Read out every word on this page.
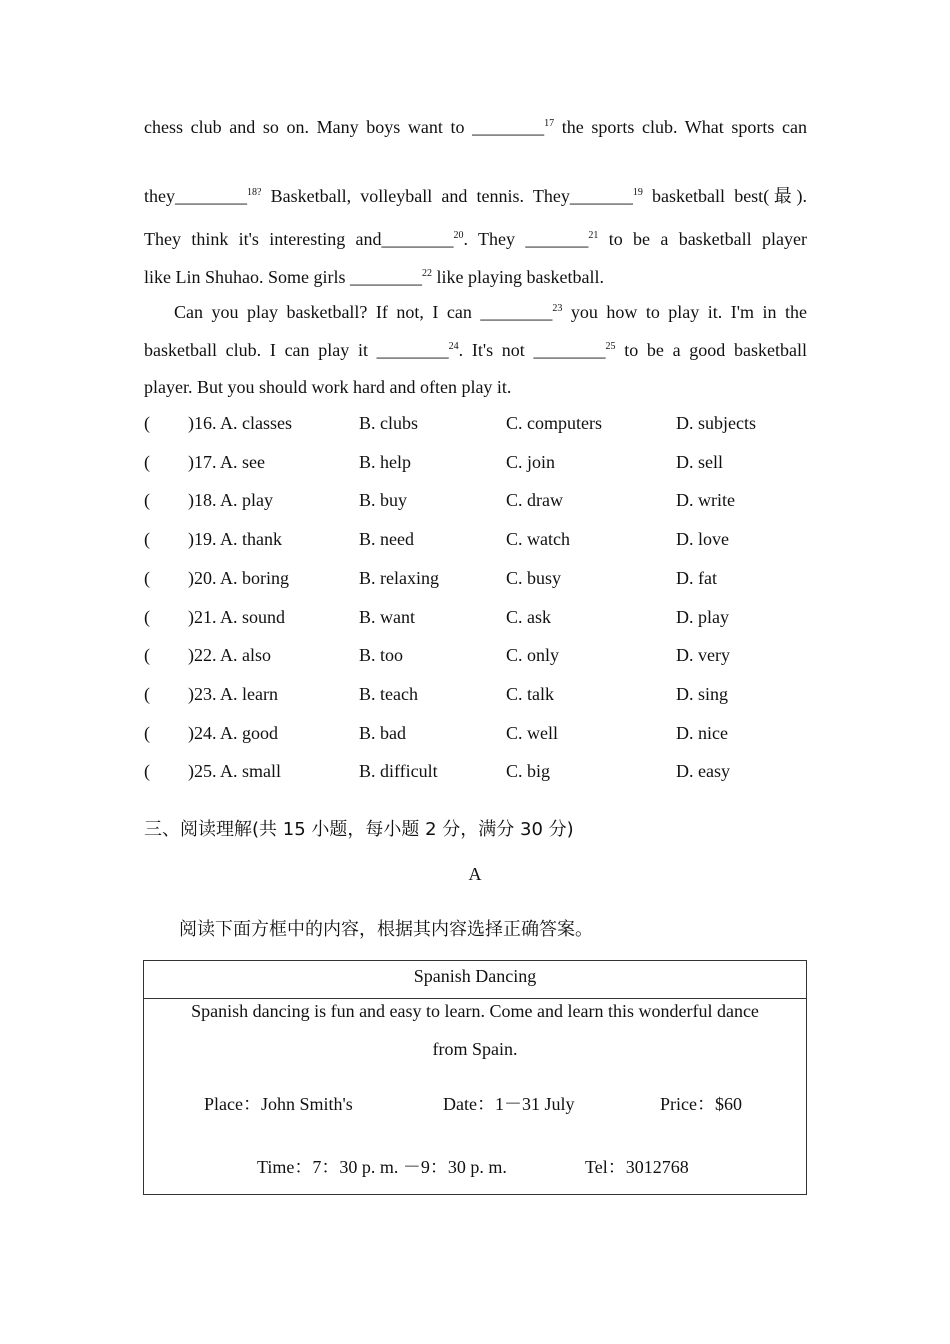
chess club and so on. Many boys want to ________$^{17}$ the sports club. What sports can
they________$^{18?}$ Basketball, volleyball and tennis. They_______$^{19}$ basketball best(最).
They think it's interesting and________$^{20}$. They _______$^{21}$ to be a basketball player
like Lin Shuhao. Some girls ________$^{22}$ like playing basketball.
Can you play basketball? If not, I can ________$^{23}$ you how to play it. I'm in the
basketball club. I can play it ________$^{24}$. It's not ________$^{25}$ to be a good basketball
player. But you should work hard and often play it.
( )16. A. classes	B. clubs	C. computers	D. subjects
( )17. A. see	B. help	C. join	D. sell
( )18. A. play	B. buy	C. draw	D. write
( )19. A. thank	B. need	C. watch	D. love
( )20. A. boring	B. relaxing	C. busy	D. fat
( )21. A. sound	B. want	C. ask	D. play
( )22. A. also	B. too	C. only	D. very
( )23. A. learn	B. teach	C. talk	D. sing
( )24. A. good	B. bad	C. well	D. nice
( )25. A. small	B. difficult	C. big	D. easy
三、阅读理解(共 15 小题，每小题 2 分，满分 30 分)
A
阅读下面方框中的内容，根据其内容选择正确答案。
Spanish Dancing
Spanish dancing is fun and easy to learn. Come and learn this wonderful dance
from Spain.
Place：John Smith's	Date：1－31 July	Price：$60
Time：7：30 p. m. －9：30 p. m.	Tel：3012768
